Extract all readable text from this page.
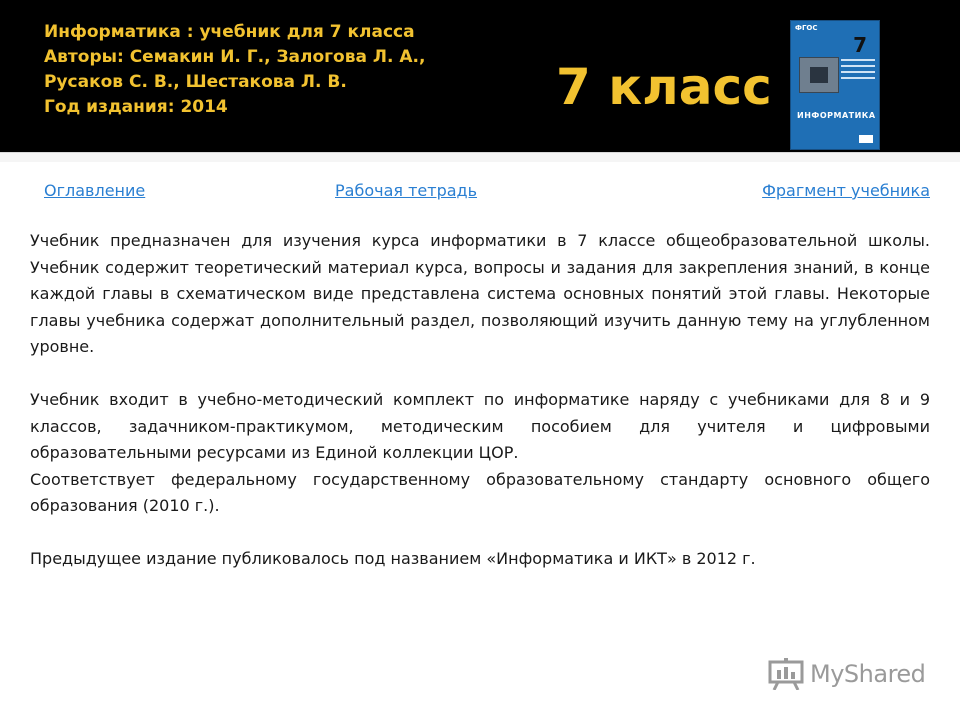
Информатика : учебник для 7 класса
Авторы: Семакин И. Г., Залогова Л. А.,
Русаков С. В., Шестакова Л. В.
Год издания: 2014	7 класс
ФГОС
7
ИНФОРМАТИКА
Оглавление	Рабочая тетрадь	Фрагмент учебника

Учебник предназначен для изучения курса информатики в 7 классе общеобразовательной школы. Учебник содержит теоретический материал курса, вопросы и задания для закрепления знаний, в конце каждой главы в схематическом виде представлена система основных понятий этой главы. Некоторые главы учебника содержат дополнительный раздел, позволяющий изучить данную тему на углубленном уровне.

Учебник входит в учебно-методический комплект по информатике наряду с учебниками для 8 и 9 классов, задачником-практикумом, методическим пособием для учителя и цифровыми образовательными ресурсами из Единой коллекции ЦОР.

Соответствует федеральному государственному образовательному стандарту основного общего образования (2010 г.).

Предыдущее издание публиковалось под названием «Информатика и ИКТ» в 2012 г.

MyShared
